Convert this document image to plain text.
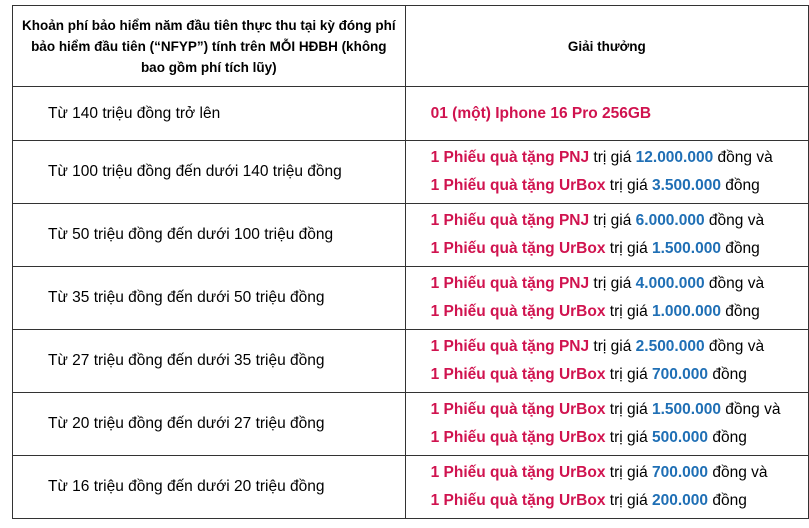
Khoản phí bảo hiểm năm đầu tiên thực thu tại kỳ đóng phí bảo hiểm đầu tiên (“NFYP”) tính trên MỖI HĐBH (không bao gồm phí tích lũy)	Giải thưởng
Từ 140 triệu đồng trở lên	01 (một) Iphone 16 Pro 256GB
Từ 100 triệu đồng đến dưới 140 triệu đồng	1 Phiếu quà tặng PNJ trị giá 12.000.000 đồng và
1 Phiếu quà tặng UrBox trị giá 3.500.000 đồng

Từ 50 triệu đồng đến dưới 100 triệu đồng	1 Phiếu quà tặng PNJ trị giá 6.000.000 đồng và
1 Phiếu quà tặng UrBox trị giá 1.500.000 đồng

Từ 35 triệu đồng đến dưới 50 triệu đồng	1 Phiếu quà tặng PNJ trị giá 4.000.000 đồng và
1 Phiếu quà tặng UrBox trị giá 1.000.000 đồng

Từ 27 triệu đồng đến dưới 35 triệu đồng	1 Phiếu quà tặng PNJ trị giá 2.500.000 đồng và
1 Phiếu quà tặng UrBox trị giá 700.000 đồng

Từ 20 triệu đồng đến dưới 27 triệu đồng	1 Phiếu quà tặng UrBox trị giá 1.500.000 đồng và
1 Phiếu quà tặng UrBox trị giá 500.000 đồng

Từ 16 triệu đồng đến dưới 20 triệu đồng	1 Phiếu quà tặng UrBox trị giá 700.000 đồng và
1 Phiếu quà tặng UrBox trị giá 200.000 đồng
